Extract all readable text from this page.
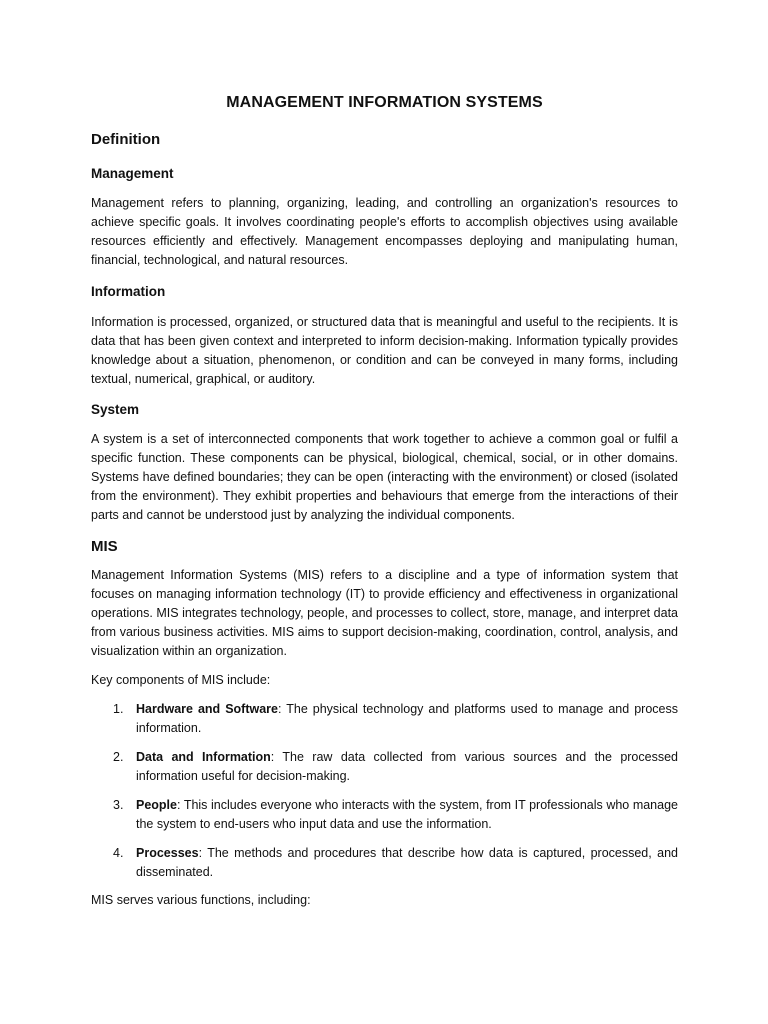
MANAGEMENT INFORMATION SYSTEMS
Definition
Management

Management refers to planning, organizing, leading, and controlling an organization's resources to achieve specific goals. It involves coordinating people's efforts to accomplish objectives using available resources efficiently and effectively. Management encompasses deploying and manipulating human, financial, technological, and natural resources.

Information

Information is processed, organized, or structured data that is meaningful and useful to the recipients. It is data that has been given context and interpreted to inform decision-making. Information typically provides knowledge about a situation, phenomenon, or condition and can be conveyed in many forms, including textual, numerical, graphical, or auditory.

System

A system is a set of interconnected components that work together to achieve a common goal or fulfil a specific function. These components can be physical, biological, chemical, social, or in other domains. Systems have defined boundaries; they can be open (interacting with the environment) or closed (isolated from the environment). They exhibit properties and behaviours that emerge from the interactions of their parts and cannot be understood just by analyzing the individual components.

MIS

Management Information Systems (MIS) refers to a discipline and a type of information system that focuses on managing information technology (IT) to provide efficiency and effectiveness in organizational operations. MIS integrates technology, people, and processes to collect, store, manage, and interpret data from various business activities. MIS aims to support decision-making, coordination, control, analysis, and visualization within an organization.

Key components of MIS include:

1.	Hardware and Software: The physical technology and platforms used to manage and process information.
2.	Data and Information: The raw data collected from various sources and the processed information useful for decision-making.
3.	People: This includes everyone who interacts with the system, from IT professionals who manage the system to end-users who input data and use the information.
4.	Processes: The methods and procedures that describe how data is captured, processed, and disseminated.

MIS serves various functions, including:
